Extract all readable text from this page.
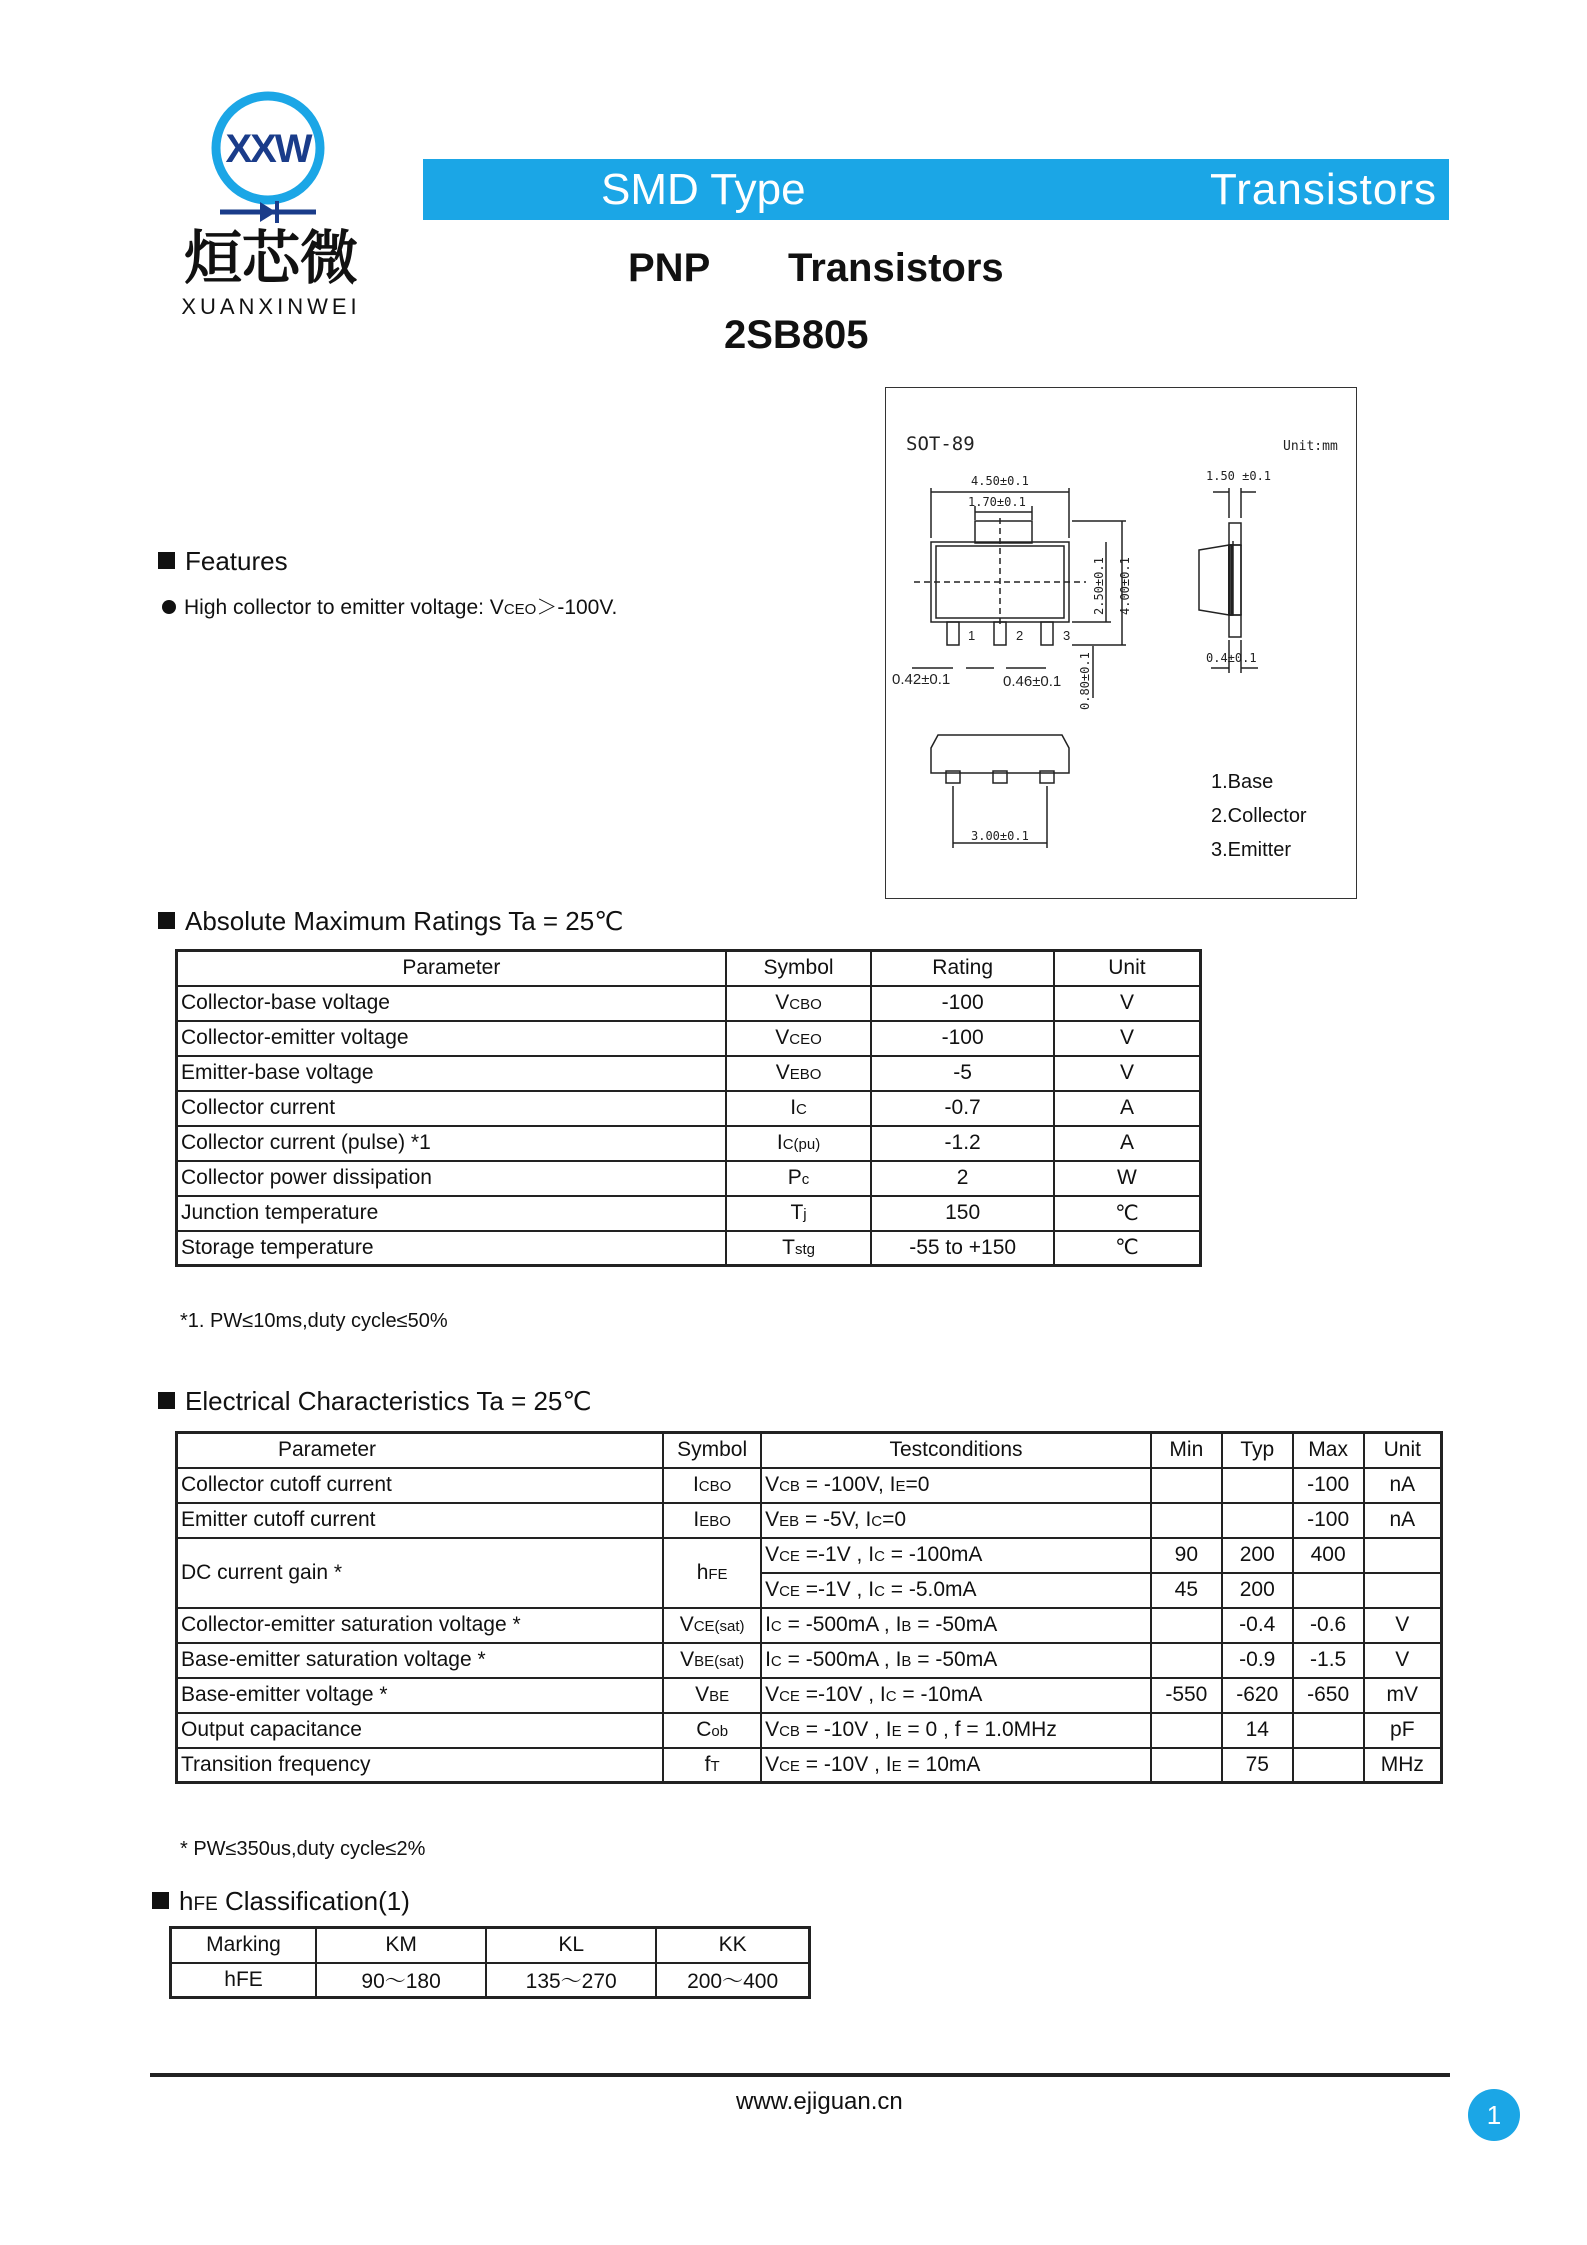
XXW
烜芯微
XUANXINWEI
SMD Type	Transistors
PNP Transistors
2SB805
SOT-89	Unit:mm
4.50±0.1
1.70±0.1
1.50 ±0.1
2.50±0.1 4.00±0.1
0.42±0.1	0.46±0.1 0.80±0.1	0.4±0.1
3.00±0.1
1	2	3
1.Base
2.Collector
3.Emitter
Features
High collector to emitter voltage: VCEO＞-100V.
Absolute Maximum Ratings Ta = 25℃
Parameter	Symbol	Rating	Unit
Collector-base voltage	VCBO	-100	V
Collector-emitter voltage	VCEO	-100	V
Emitter-base voltage	VEBO	-5	V
Collector current	IC	-0.7	A
Collector current (pulse) *1	IC(pu)	-1.2	A
Collector power dissipation	Pc	2	W
Junction temperature	Tj	150	℃
Storage temperature	Tstg	-55 to +150	℃
*1. PW≤10ms,duty cycle≤50%
Electrical Characteristics Ta = 25℃
Parameter	Symbol	Testconditions	Min	Typ	Max	Unit
Collector cutoff current	ICBO	VCB = -100V, IE=0			-100	nA
Emitter cutoff current	IEBO	VEB = -5V, IC=0			-100	nA
DC current gain *	hFE	VCE =-1V , IC = -100mA	90	200	400	
		VCE =-1V , IC = -5.0mA	45	200		
Collector-emitter saturation voltage *	VCE(sat)	IC = -500mA , IB = -50mA		-0.4	-0.6	V
Base-emitter saturation voltage *	VBE(sat)	IC = -500mA , IB = -50mA		-0.9	-1.5	V
Base-emitter voltage *	VBE	VCE =-10V , IC = -10mA	-550	-620	-650	mV
Output capacitance	Cob	VCB = -10V , IE = 0 , f = 1.0MHz		14		pF
Transition frequency	fT	VCE = -10V , IE = 10mA		75		MHz
* PW≤350us,duty cycle≤2%
hFE Classification(1)
Marking	KM	KL	KK
hFE	90～180	135～270	200～400
www.ejiguan.cn	1
